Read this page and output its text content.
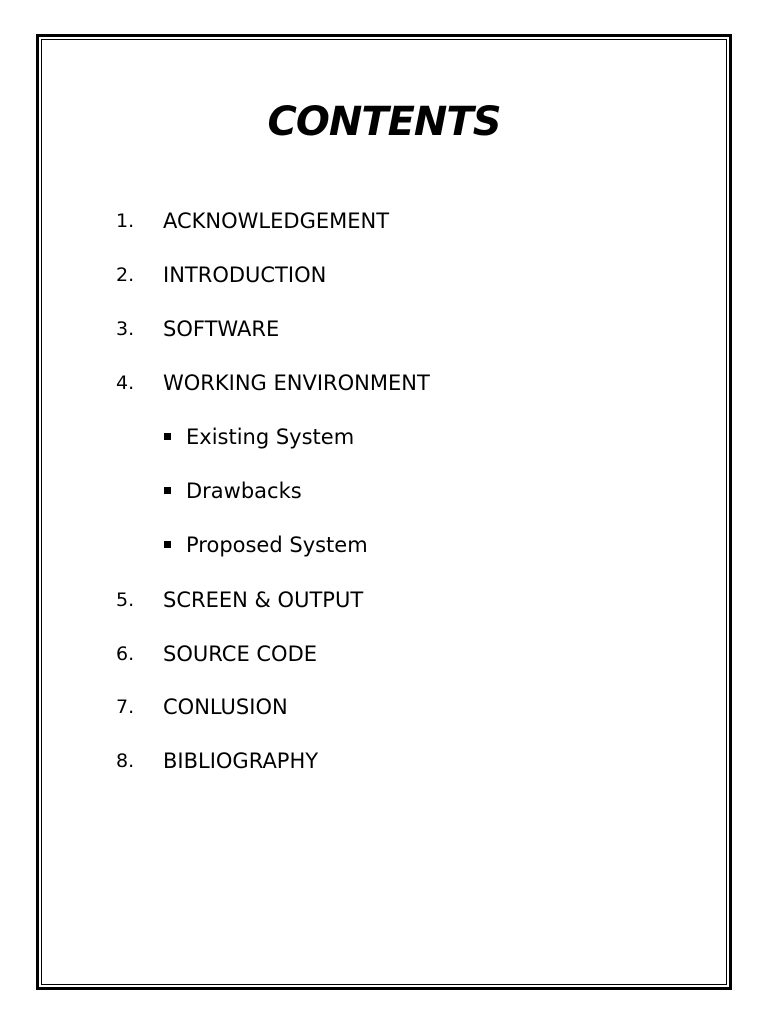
CONTENTS
1. ACKNOWLEDGEMENT
2. INTRODUCTION
3. SOFTWARE
4. WORKING ENVIRONMENT
Existing System
Drawbacks
Proposed System
5. SCREEN & OUTPUT
6. SOURCE CODE
7. CONLUSION
8. BIBLIOGRAPHY
